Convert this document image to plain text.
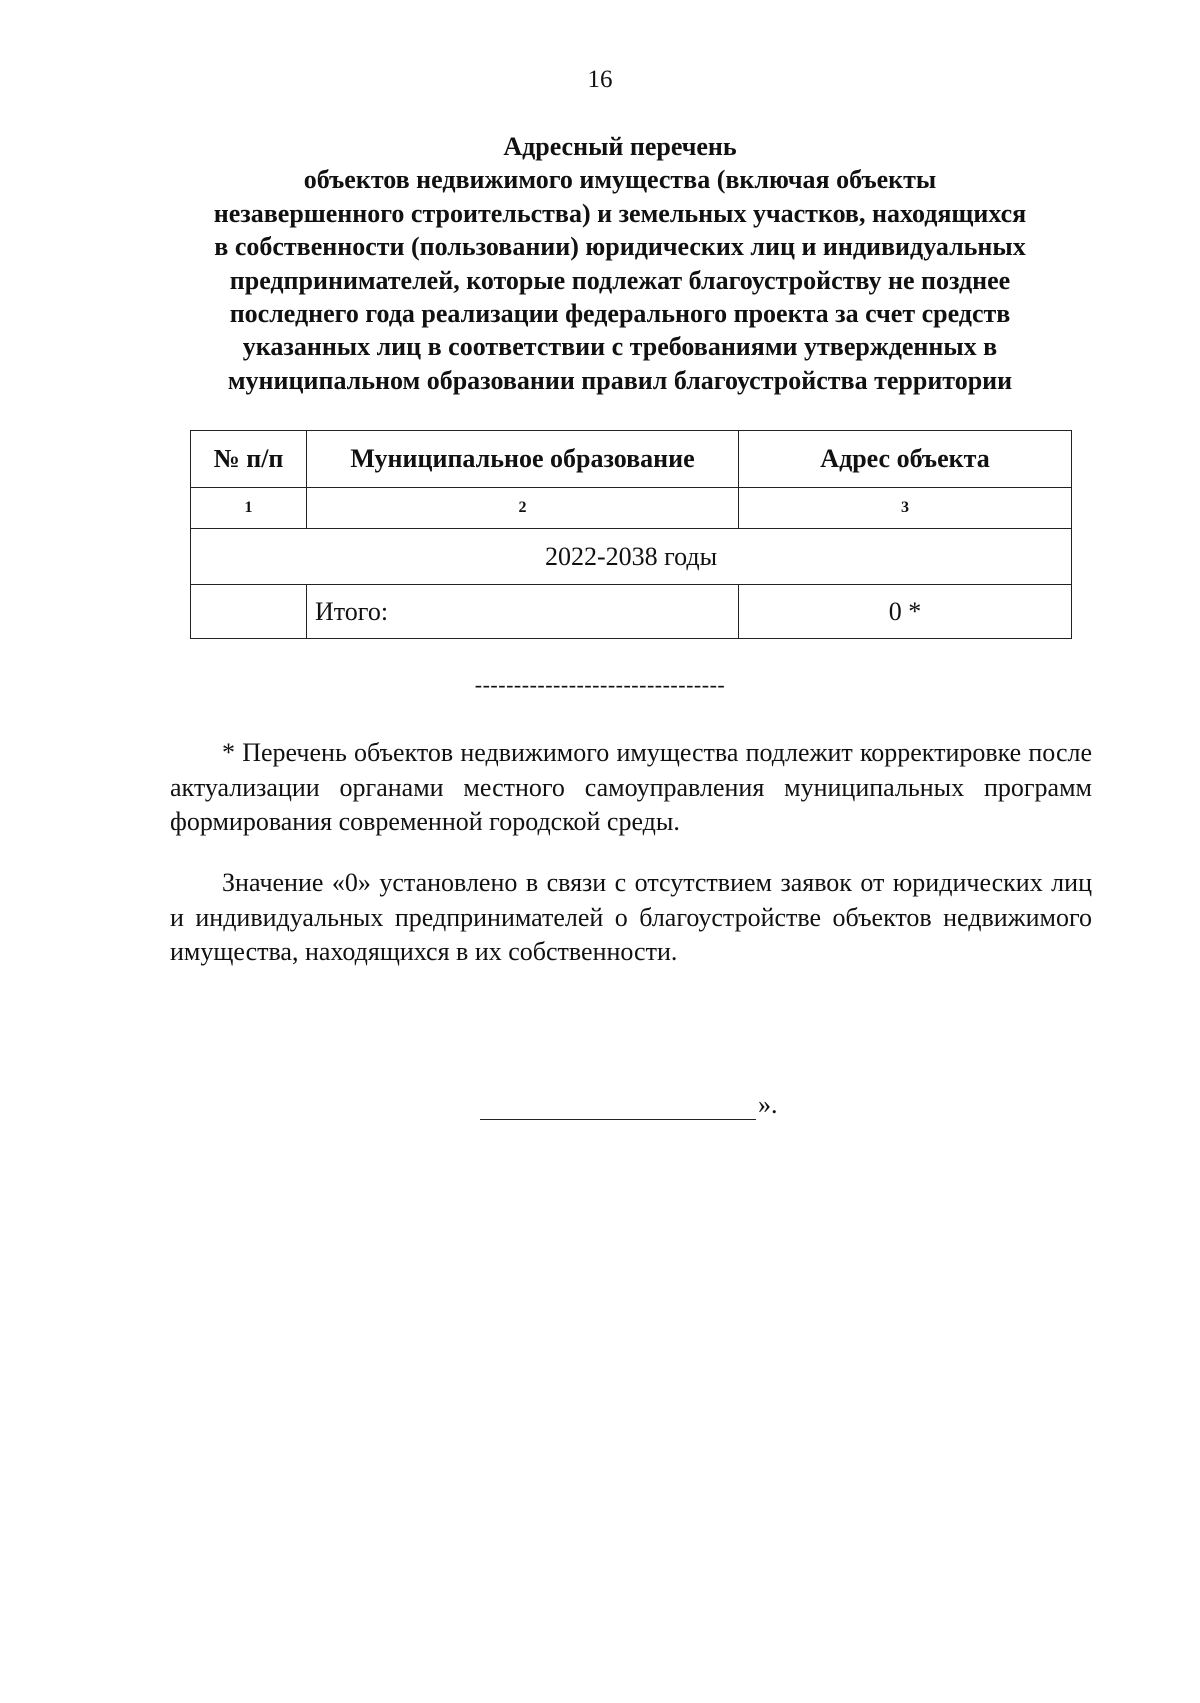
16
Адресный перечень
объектов недвижимого имущества (включая объекты
незавершенного строительства) и земельных участков, находящихся
в собственности (пользовании) юридических лиц и индивидуальных
предпринимателей, которые подлежат благоустройству не позднее
последнего года реализации федерального проекта за счет средств
указанных лиц в соответствии с требованиями утвержденных в
муниципальном образовании правил благоустройства территории
№ п/п	Муниципальное образование	Адрес объекта
1	2	3
2022-2038 годы		
	Итого:	0 *
--------------------------------

* Перечень объектов недвижимого имущества подлежит корректировке после актуализации органами местного самоуправления муниципальных программ формирования современной городской среды.

Значение «0» установлено в связи с отсутствием заявок от юридических лиц и индивидуальных предпринимателей о благоустройстве объектов недвижимого имущества, находящихся в их собственности.

».
